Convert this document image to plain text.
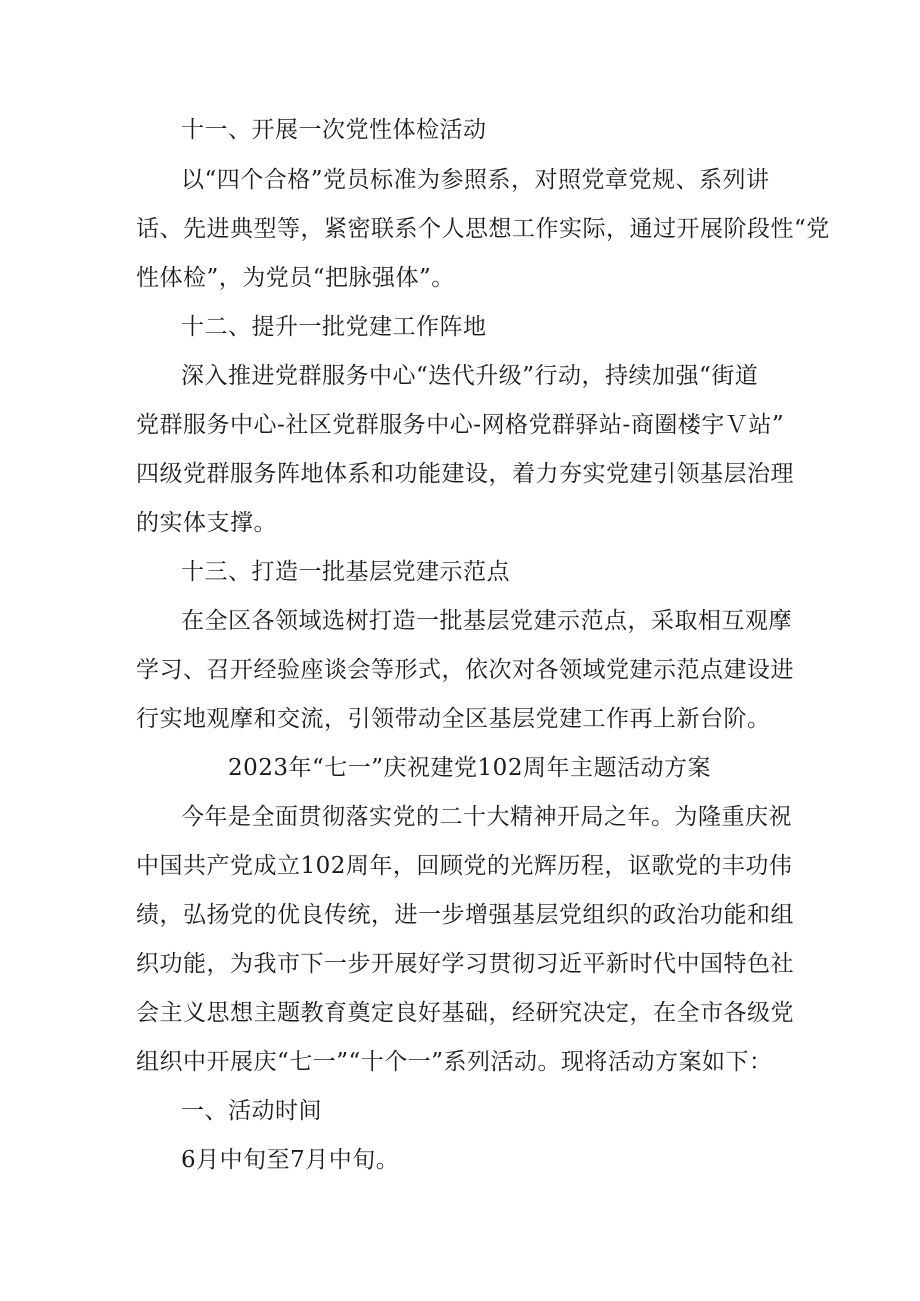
十一、开展一次党性体检活动
以“四个合格”党员标准为参照系，对照党章党规、系列讲
话、先进典型等，紧密联系个人思想工作实际，通过开展阶段性“党
性体检”，为党员“把脉强体”。
十二、提升一批党建工作阵地
深入推进党群服务中心“迭代升级”行动，持续加强“街道
党群服务中心-社区党群服务中心-网格党群驿站-商圈楼宇Ｖ站”
四级党群服务阵地体系和功能建设，着力夯实党建引领基层治理
的实体支撑。
十三、打造一批基层党建示范点
在全区各领域选树打造一批基层党建示范点，采取相互观摩
学习、召开经验座谈会等形式，依次对各领域党建示范点建设进
行实地观摩和交流，引领带动全区基层党建工作再上新台阶。
2023年“七一”庆祝建党102周年主题活动方案
今年是全面贯彻落实党的二十大精神开局之年。为隆重庆祝
中国共产党成立102周年，回顾党的光辉历程，讴歌党的丰功伟
绩，弘扬党的优良传统，进一步增强基层党组织的政治功能和组
织功能，为我市下一步开展好学习贯彻习近平新时代中国特色社
会主义思想主题教育奠定良好基础，经研究决定，在全市各级党
组织中开展庆“七一”“十个一”系列活动。现将活动方案如下：
一、活动时间
6月中旬至7月中旬。
